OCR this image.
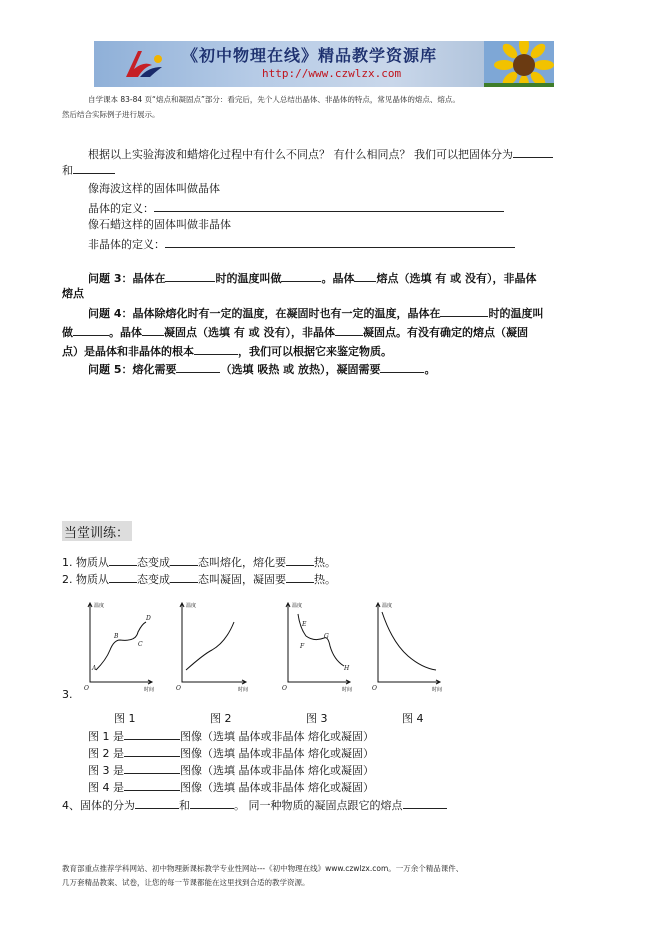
《初中物理在线》精品教学资源库
http://www.czwlzx.com
自学课本 83-84 页“熔点和凝固点”部分：看完后，先个人总结出晶体、非晶体的特点，常见晶体的熔点、熔点。
然后结合实际例子进行展示。
根据以上实验海波和蜡熔化过程中有什么不同点？ 有什么相同点？ 我们可以把固体分为
和
像海波这样的固体叫做晶体
晶体的定义：
像石蜡这样的固体叫做非晶体
非晶体的定义：
问题 3：晶体在	时的温度叫做	。晶体 熔点（选填 有 或 没有），非晶体
熔点
问题 4：晶体除熔化时有一定的温度，在凝固时也有一定的温度，晶体在	时的温度叫
做	。晶体 凝固点（选填 有 或 没有），非晶体	凝固点。有没有确定的熔点（凝固
点）是晶体和非晶体的根本	，我们可以根据它来鉴定物质。
问题 5：熔化需要	（选填 吸热 或 放热），凝固需要	。
当堂训练：
1. 物质从	态变成	态叫熔化，熔化要	热。
2. 物质从	态变成	态叫凝固，凝固要	热。
温度
时间
O
A
B
C
D
温度
时间
O
温度
时间
O
E
F
G
H
温度
时间
O
3.
图 1	图 2	图 3	图 4
图 1 是	图像（选填 晶体或非晶体 熔化或凝固）
图 2 是	图像（选填 晶体或非晶体 熔化或凝固）
图 3 是	图像（选填 晶体或非晶体 熔化或凝固）
图 4 是	图像（选填 晶体或非晶体 熔化或凝固）
4、固体的分为	和	。 同一种物质的凝固点跟它的熔点
教育部重点推荐学科网站、初中物理新课标教学专业性网站---《初中物理在线》www.czwlzx.com。一万余个精品课件、
几万套精品教案、试卷，让您的每一节课都能在这里找到合适的教学资源。
